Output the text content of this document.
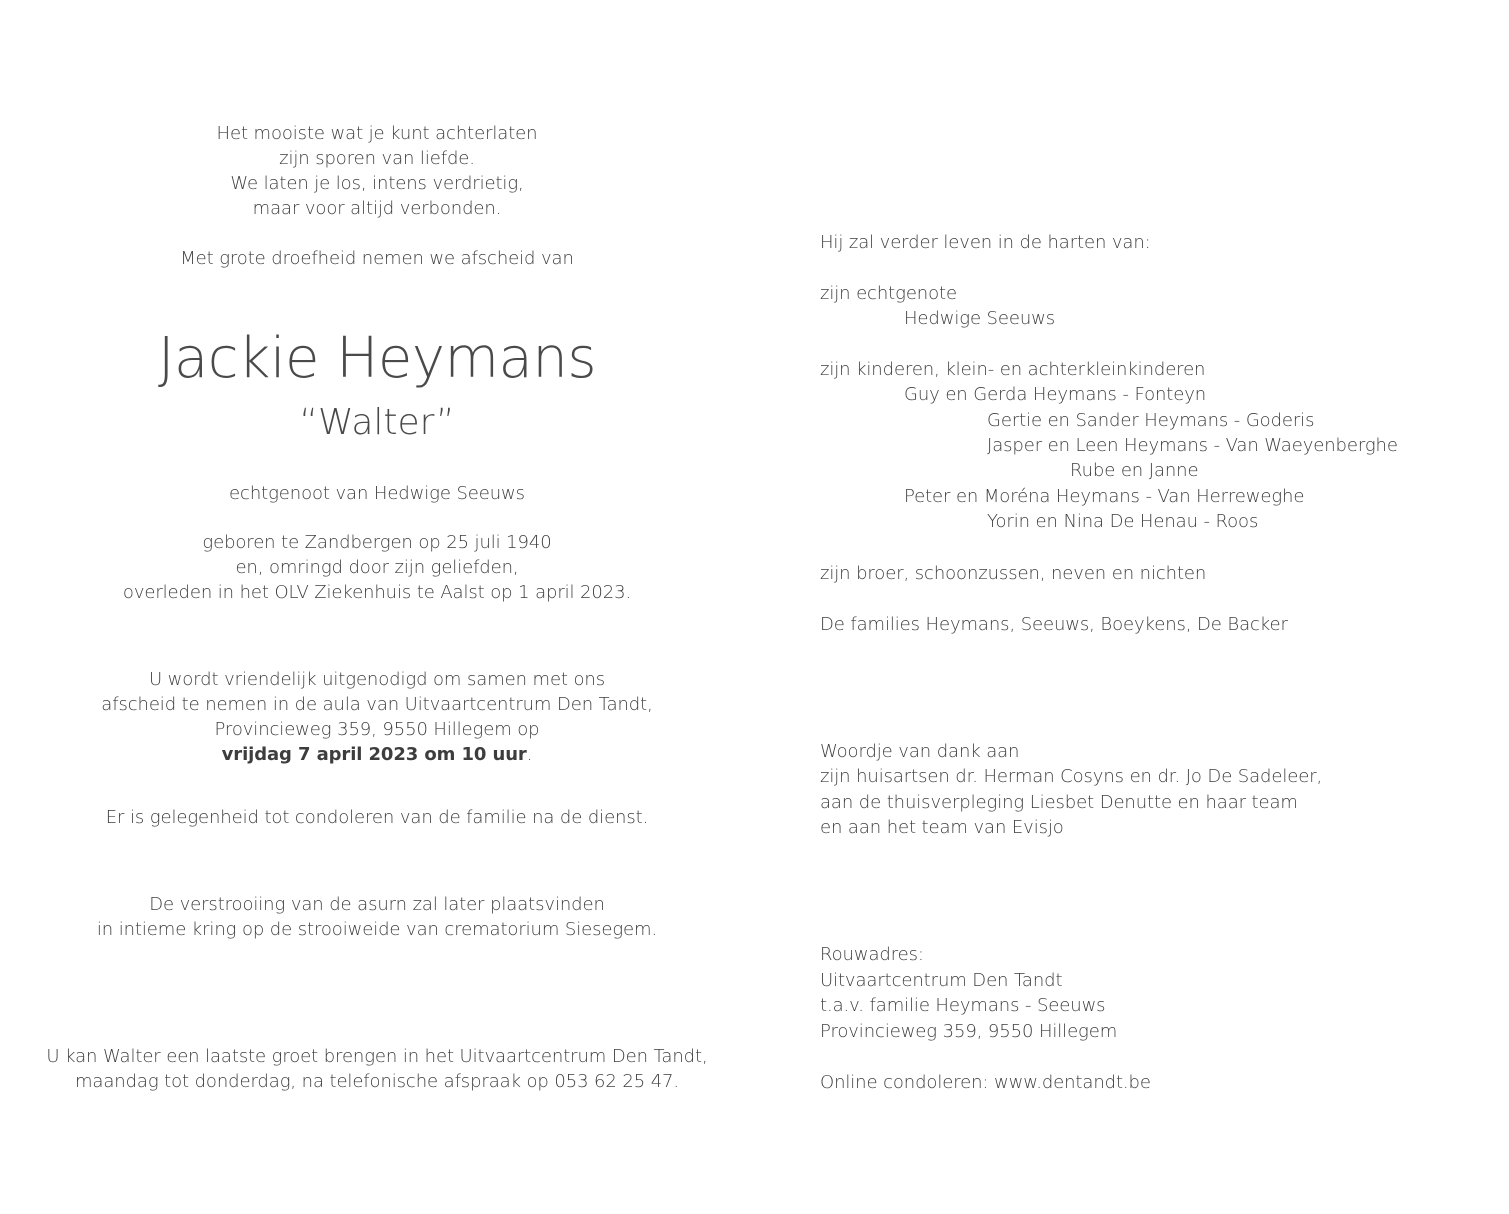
Het mooiste wat je kunt achterlaten
zijn sporen van liefde.
We laten je los, intens verdrietig,
maar voor altijd verbonden.
Met grote droefheid nemen we afscheid van
Jackie Heymans
“Walter”
echtgenoot van Hedwige Seeuws
geboren te Zandbergen op 25 juli 1940
en, omringd door zijn geliefden,
overleden in het OLV Ziekenhuis te Aalst op 1 april 2023.
U wordt vriendelijk uitgenodigd om samen met ons
afscheid te nemen in de aula van Uitvaartcentrum Den Tandt,
Provincieweg 359, 9550 Hillegem op
vrijdag 7 april 2023 om 10 uur.
Er is gelegenheid tot condoleren van de familie na de dienst.
De verstrooiing van de asurn zal later plaatsvinden
in intieme kring op de strooiweide van crematorium Siesegem.
U kan Walter een laatste groet brengen in het Uitvaartcentrum Den Tandt,
maandag tot donderdag, na telefonische afspraak op 053 62 25 47.
Hij zal verder leven in de harten van:
zijn echtgenote
Hedwige Seeuws
zijn kinderen, klein- en achterkleinkinderen
Guy en Gerda Heymans - Fonteyn
Gertie en Sander Heymans - Goderis
Jasper en Leen Heymans - Van Waeyenberghe
Rube en Janne
Peter en Moréna Heymans - Van Herreweghe
Yorin en Nina De Henau - Roos
zijn broer, schoonzussen, neven en nichten
De families Heymans, Seeuws, Boeykens, De Backer
Woordje van dank aan
zijn huisartsen dr. Herman Cosyns en dr. Jo De Sadeleer,
aan de thuisverpleging Liesbet Denutte en haar team
en aan het team van Evisjo
Rouwadres:
Uitvaartcentrum Den Tandt
t.a.v. familie Heymans - Seeuws
Provincieweg 359, 9550 Hillegem
Online condoleren: www.dentandt.be
